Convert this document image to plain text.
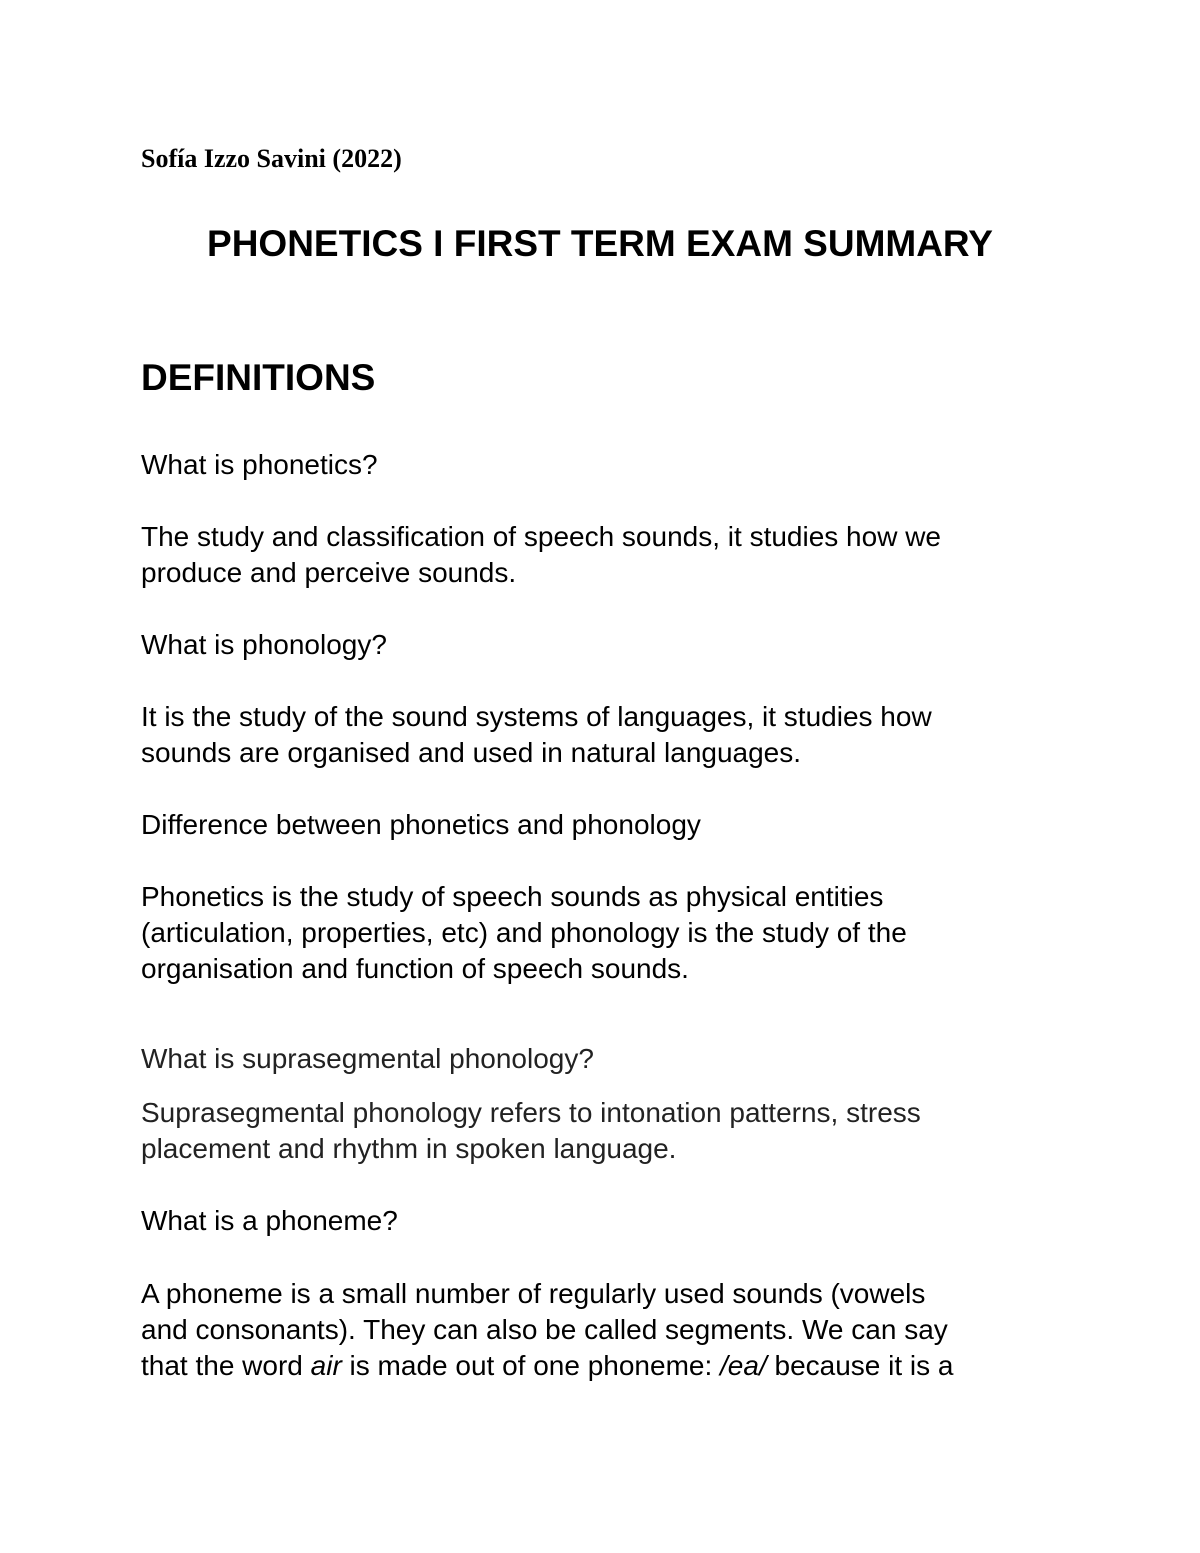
Sofía Izzo Savini (2022)
PHONETICS I FIRST TERM EXAM SUMMARY
DEFINITIONS
What is phonetics?
The study and classification of speech sounds, it studies how we
produce and perceive sounds.
What is phonology?
It is the study of the sound systems of languages, it studies how
sounds are organised and used in natural languages.
Difference between phonetics and phonology
Phonetics is the study of speech sounds as physical entities
(articulation, properties, etc) and phonology is the study of the
organisation and function of speech sounds.
What is suprasegmental phonology?
Suprasegmental phonology refers to intonation patterns, stress
placement and rhythm in spoken language.
What is a phoneme?
A phoneme is a small number of regularly used sounds (vowels
and consonants). They can also be called segments. We can say
that the word air is made out of one phoneme: /ea/ because it is a
